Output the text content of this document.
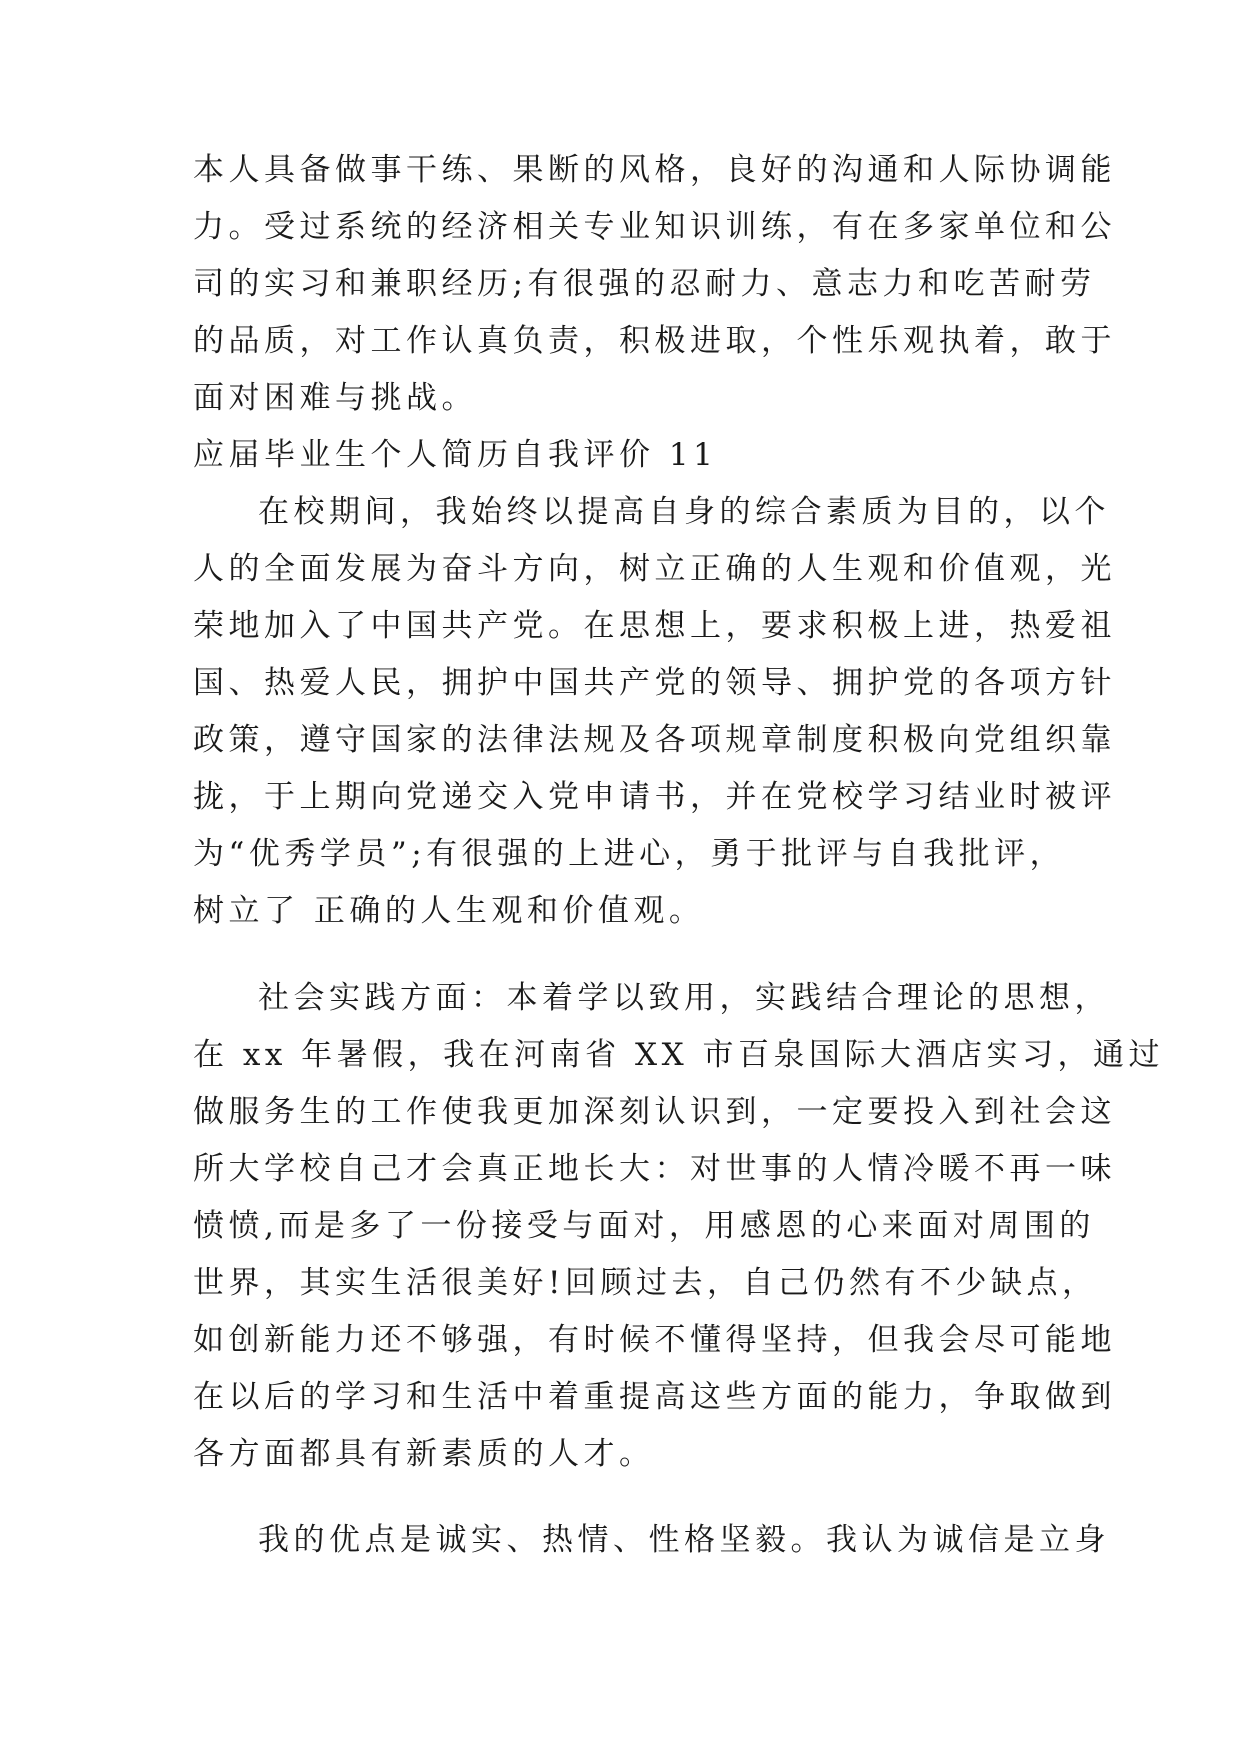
本人具备做事干练、果断的风格，良好的沟通和人际协调能
力。受过系统的经济相关专业知识训练，有在多家单位和公
司的实习和兼职经历;有很强的忍耐力、意志力和吃苦耐劳
的品质，对工作认真负责，积极进取，个性乐观执着，敢于
面对困难与挑战。
应届毕业生个人简历自我评价 11
在校期间，我始终以提高自身的综合素质为目的，以个
人的全面发展为奋斗方向，树立正确的人生观和价值观，光
荣地加入了中国共产党。在思想上，要求积极上进，热爱祖
国、热爱人民，拥护中国共产党的领导、拥护党的各项方针
政策，遵守国家的法律法规及各项规章制度积极向党组织靠
拢，于上期向党递交入党申请书，并在党校学习结业时被评
为“优秀学员”;有很强的上进心，勇于批评与自我批评，
树立了 正确的人生观和价值观。
社会实践方面：本着学以致用，实践结合理论的思想，
在 xx 年暑假，我在河南省 XX 市百泉国际大酒店实习，通过
做服务生的工作使我更加深刻认识到，一定要投入到社会这
所大学校自己才会真正地长大：对世事的人情冷暖不再一味
愤愤,而是多了一份接受与面对，用感恩的心来面对周围的
世界，其实生活很美好!回顾过去，自己仍然有不少缺点，
如创新能力还不够强，有时候不懂得坚持，但我会尽可能地
在以后的学习和生活中着重提高这些方面的能力，争取做到
各方面都具有新素质的人才。
我的优点是诚实、热情、性格坚毅。我认为诚信是立身
